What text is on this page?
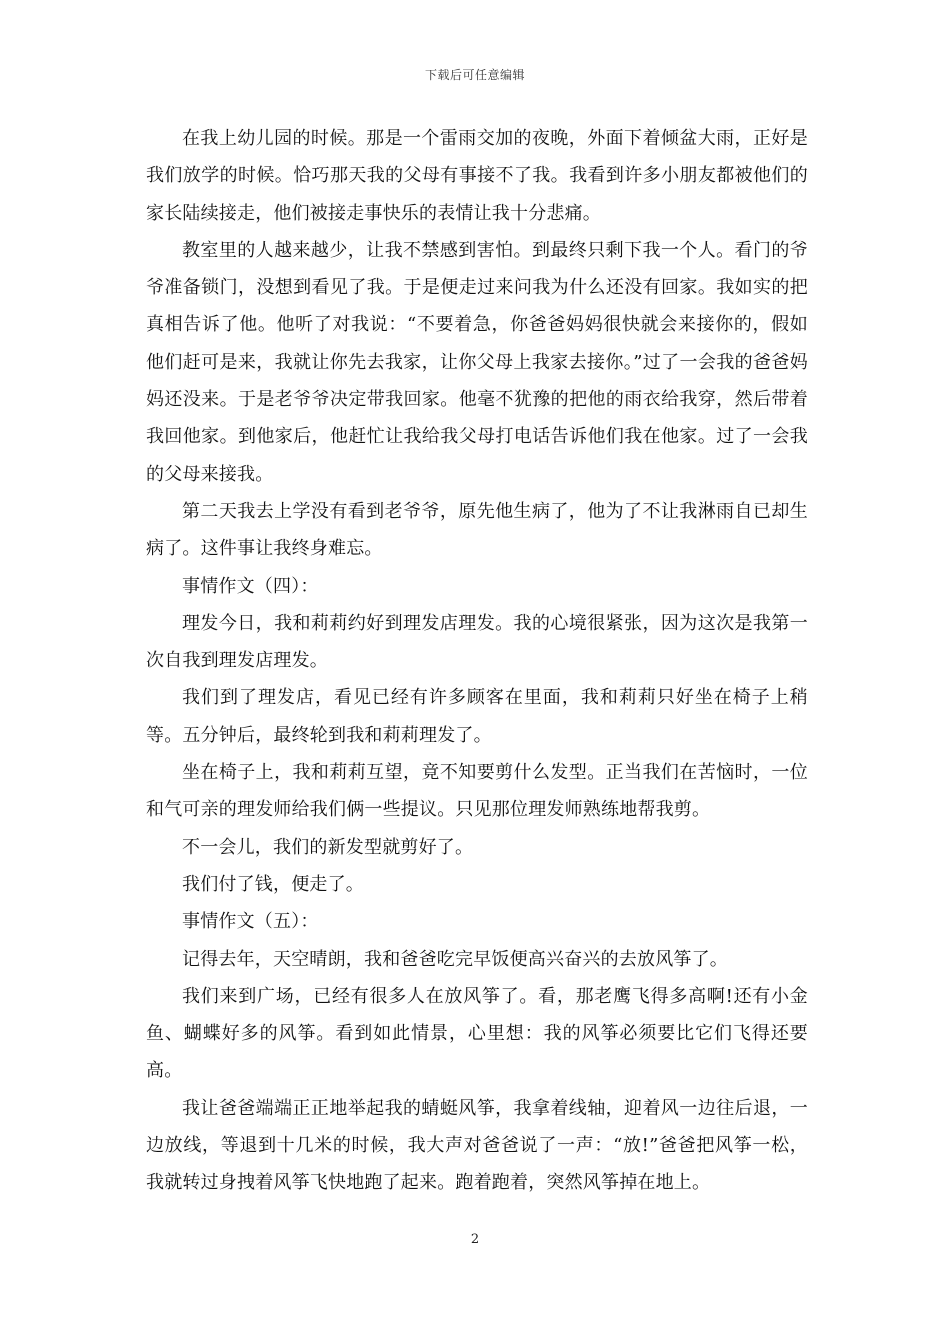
下载后可任意编辑

在我上幼儿园的时候。那是一个雷雨交加的夜晚，外面下着倾盆大雨，正好是我们放学的时候。恰巧那天我的父母有事接不了我。我看到许多小朋友都被他们的家长陆续接走，他们被接走事快乐的表情让我十分悲痛。

教室里的人越来越少，让我不禁感到害怕。到最终只剩下我一个人。看门的爷爷准备锁门，没想到看见了我。于是便走过来问我为什么还没有回家。我如实的把真相告诉了他。他听了对我说：“不要着急，你爸爸妈妈很快就会来接你的，假如他们赶可是来，我就让你先去我家，让你父母上我家去接你。”过了一会我的爸爸妈妈还没来。于是老爷爷决定带我回家。他毫不犹豫的把他的雨衣给我穿，然后带着我回他家。到他家后，他赶忙让我给我父母打电话告诉他们我在他家。过了一会我的父母来接我。

第二天我去上学没有看到老爷爷，原先他生病了，他为了不让我淋雨自已却生病了。这件事让我终身难忘。

事情作文（四）：

理发今日，我和莉莉约好到理发店理发。我的心境很紧张，因为这次是我第一次自我到理发店理发。

我们到了理发店，看见已经有许多顾客在里面，我和莉莉只好坐在椅子上稍等。五分钟后，最终轮到我和莉莉理发了。

坐在椅子上，我和莉莉互望，竟不知要剪什么发型。正当我们在苦恼时，一位和气可亲的理发师给我们俩一些提议。只见那位理发师熟练地帮我剪。

不一会儿，我们的新发型就剪好了。

我们付了钱，便走了。

事情作文（五）：

记得去年，天空晴朗，我和爸爸吃完早饭便高兴奋兴的去放风筝了。

我们来到广场，已经有很多人在放风筝了。看，那老鹰飞得多高啊!还有小金鱼、蝴蝶好多的风筝。看到如此情景，心里想：我的风筝必须要比它们飞得还要高。

我让爸爸端端正正地举起我的蜻蜓风筝，我拿着线轴，迎着风一边往后退，一边放线，等退到十几米的时候，我大声对爸爸说了一声：“放!”爸爸把风筝一松，我就转过身拽着风筝飞快地跑了起来。跑着跑着，突然风筝掉在地上。

2
